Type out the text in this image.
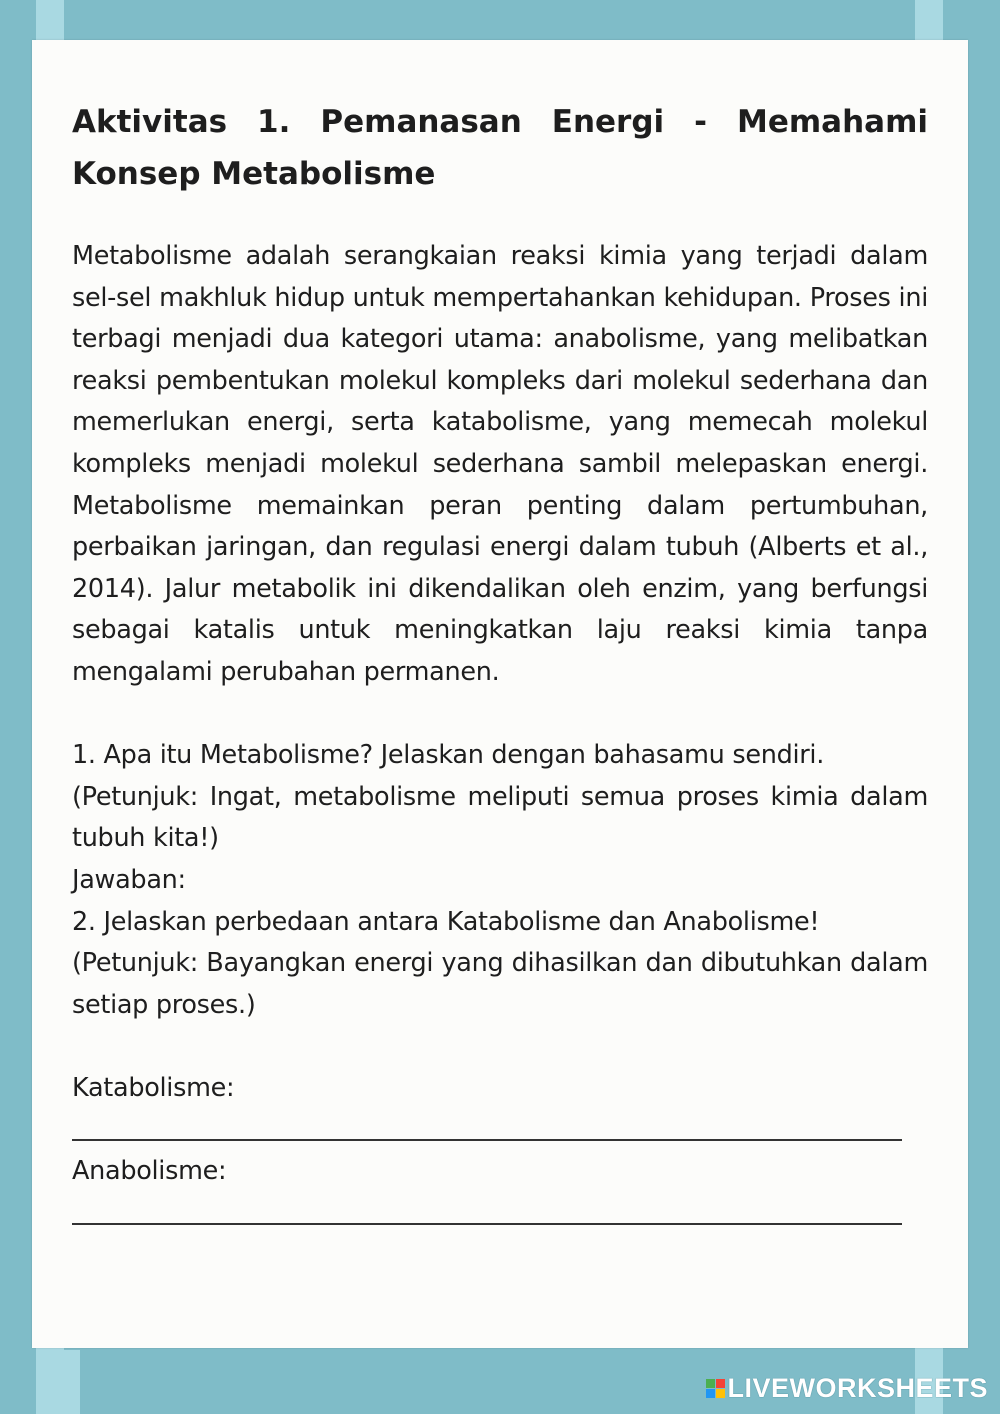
Aktivitas 1. Pemanasan Energi - Memahami Konsep Metabolisme
Metabolisme adalah serangkaian reaksi kimia yang terjadi dalam sel-sel makhluk hidup untuk mempertahankan kehidupan. Proses ini terbagi menjadi dua kategori utama: anabolisme, yang melibatkan reaksi pembentukan molekul kompleks dari molekul sederhana dan memerlukan energi, serta katabolisme, yang memecah molekul kompleks menjadi molekul sederhana sambil melepaskan energi. Metabolisme memainkan peran penting dalam pertumbuhan, perbaikan jaringan, dan regulasi energi dalam tubuh (Alberts et al., 2014). Jalur metabolik ini dikendalikan oleh enzim, yang berfungsi sebagai katalis untuk meningkatkan laju reaksi kimia tanpa mengalami perubahan permanen.
1. Apa itu Metabolisme? Jelaskan dengan bahasamu sendiri.
(Petunjuk: Ingat, metabolisme meliputi semua proses kimia dalam tubuh kita!)
Jawaban:
2. Jelaskan perbedaan antara Katabolisme dan Anabolisme!
(Petunjuk: Bayangkan energi yang dihasilkan dan dibutuhkan dalam setiap proses.)
Katabolisme:
Anabolisme:
LIVEWORKSHEETS
